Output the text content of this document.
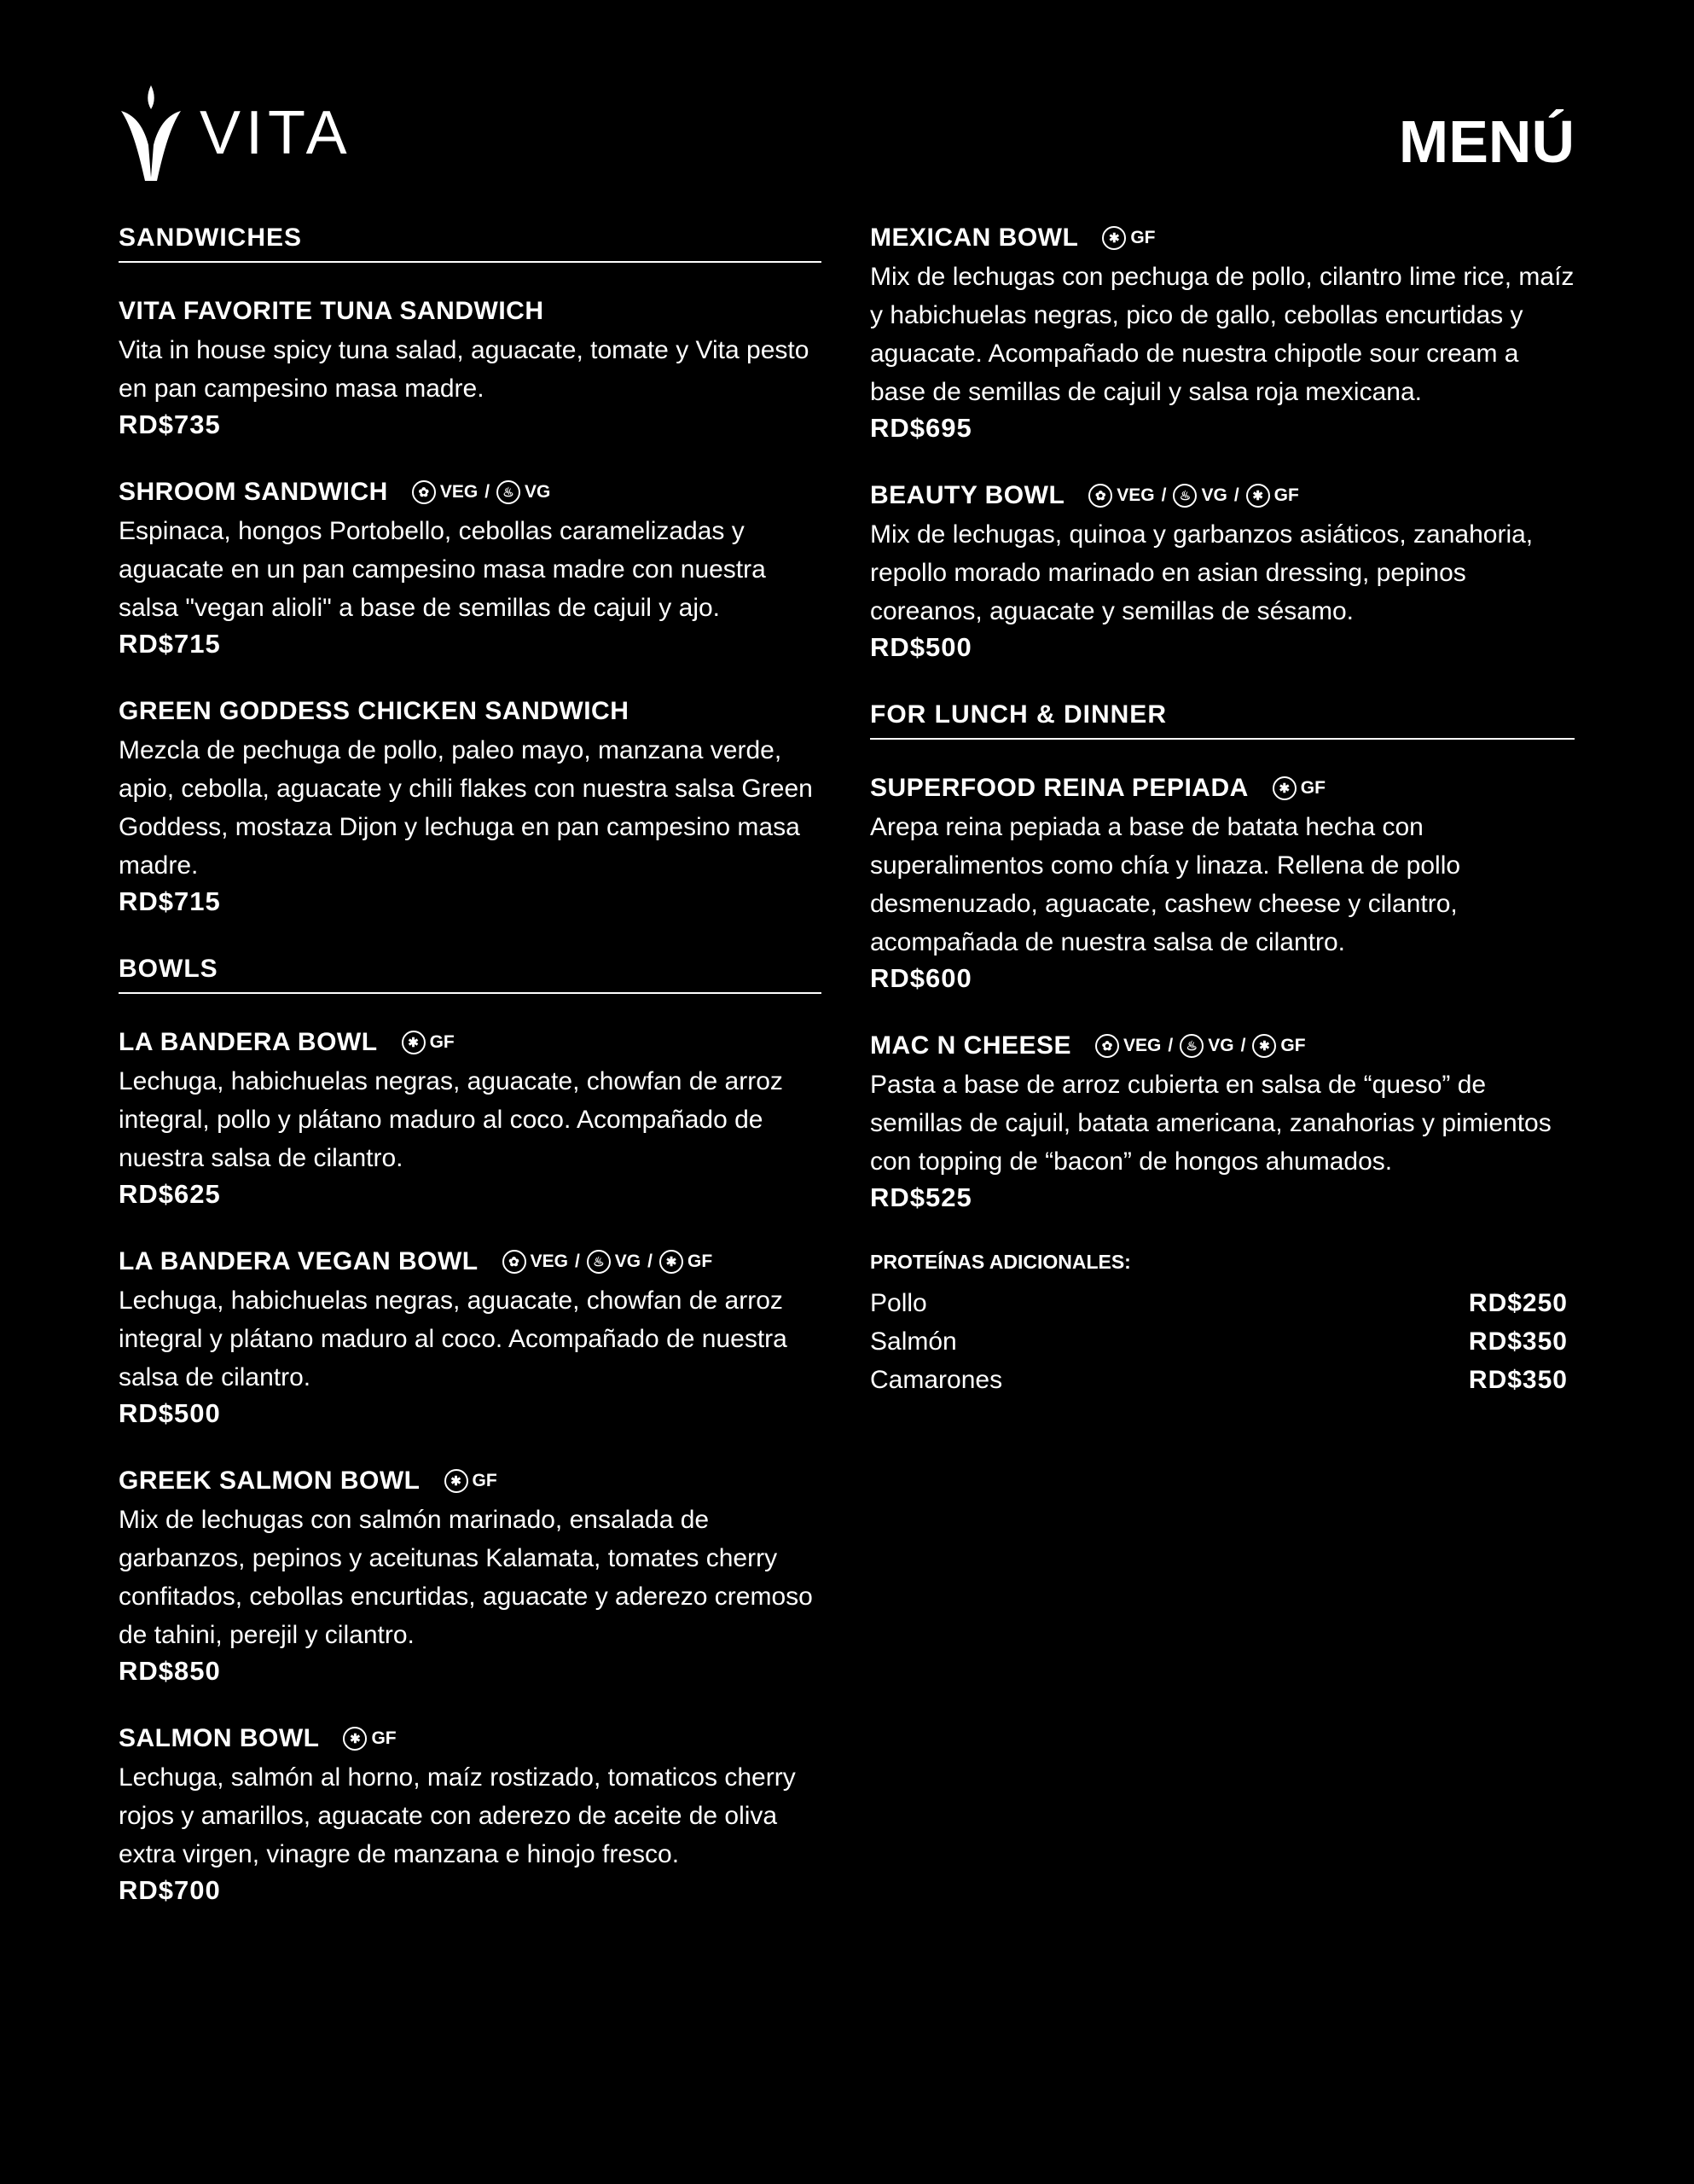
VITA	MENÚ
SANDWICHES
VITA FAVORITE TUNA SANDWICH
Vita in house spicy tuna salad, aguacate, tomate y Vita pesto en pan campesino masa madre.
RD$735
SHROOM SANDWICH	✿ VEG /	♨ VG
Espinaca, hongos Portobello, cebollas caramelizadas y aguacate en un pan campesino masa madre con nuestra salsa "vegan alioli" a base de semillas de cajuil y ajo.
RD$715
GREEN GODDESS CHICKEN SANDWICH
Mezcla de pechuga de pollo, paleo mayo, manzana verde, apio, cebolla, aguacate y chili flakes con nuestra salsa Green Goddess, mostaza Dijon y lechuga en pan campesino masa madre.
RD$715
BOWLS
LA BANDERA BOWL	✱ GF
Lechuga, habichuelas negras, aguacate, chowfan de arroz integral, pollo y plátano maduro al coco. Acompañado de nuestra salsa de cilantro.
RD$625
LA BANDERA VEGAN BOWL	✿ VEG /	♨ VG /	✱ GF
Lechuga, habichuelas negras, aguacate, chowfan de arroz integral y plátano maduro al coco. Acompañado de nuestra salsa de cilantro.
RD$500
GREEK SALMON BOWL	✱ GF
Mix de lechugas con salmón marinado, ensalada de garbanzos, pepinos y aceitunas Kalamata, tomates cherry confitados, cebollas encurtidas, aguacate y aderezo cremoso de tahini, perejil y cilantro.
RD$850
SALMON BOWL	✱ GF
Lechuga, salmón al horno, maíz rostizado, tomaticos cherry rojos y amarillos, aguacate con aderezo de aceite de oliva extra virgen, vinagre de manzana e hinojo fresco.
RD$700
MEXICAN BOWL	✱ GF
Mix de lechugas con pechuga de pollo, cilantro lime rice, maíz y habichuelas negras, pico de gallo, cebollas encurtidas y aguacate. Acompañado de nuestra chipotle sour cream a base de semillas de cajuil y salsa roja mexicana.
RD$695
BEAUTY BOWL	✿ VEG /	♨ VG /	✱ GF
Mix de lechugas, quinoa y garbanzos asiáticos, zanahoria, repollo morado marinado en asian dressing, pepinos coreanos, aguacate y semillas de sésamo.
RD$500
FOR LUNCH & DINNER
SUPERFOOD REINA PEPIADA	✱ GF
Arepa reina pepiada a base de batata hecha con superalimentos como chía y linaza. Rellena de pollo desmenuzado, aguacate, cashew cheese y cilantro, acompañada de nuestra salsa de cilantro.
RD$600
MAC N CHEESE	✿ VEG /	♨ VG /	✱ GF
Pasta a base de arroz cubierta en salsa de “queso” de semillas de cajuil, batata americana, zanahorias y pimientos con topping de “bacon” de hongos ahumados.
RD$525
PROTEÍNAS ADICIONALES:
Pollo	RD$250
Salmón	RD$350
Camarones	RD$350
